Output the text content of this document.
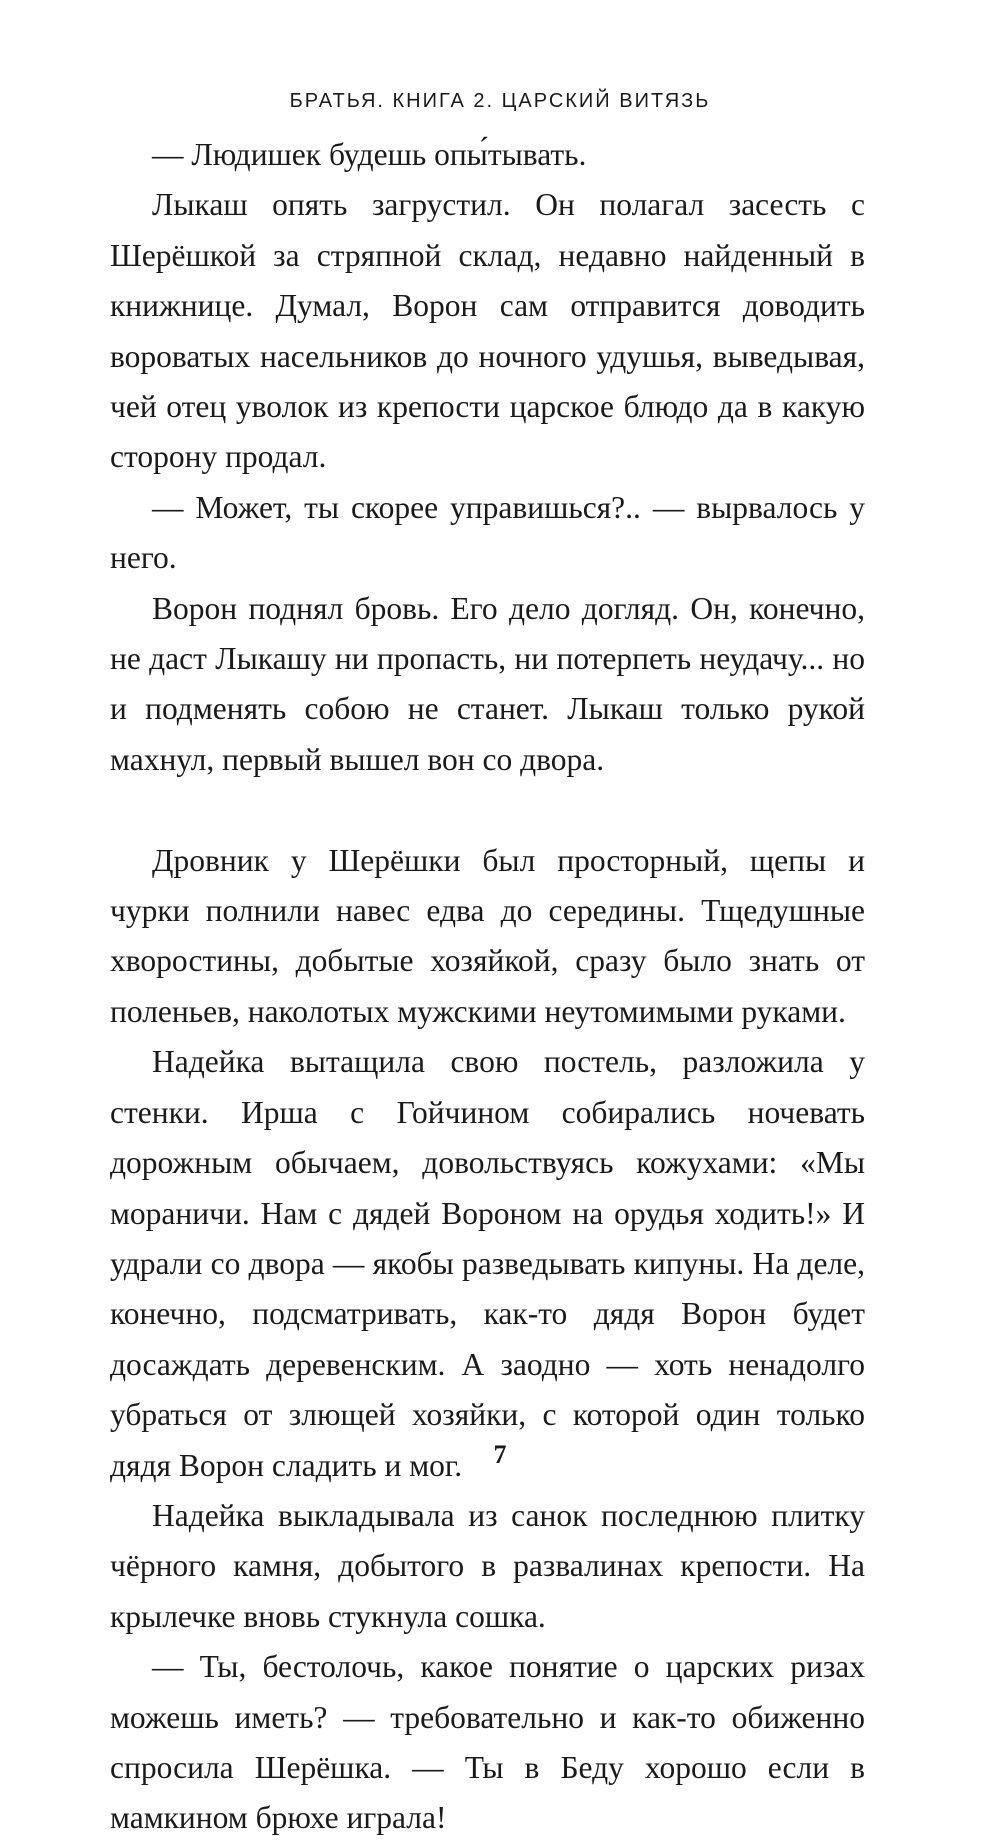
БРАТЬЯ. КНИГА 2. ЦАРСКИЙ ВИТЯЗЬ

— Людишек будешь опы́тывать.

Лыкаш опять загрустил. Он полагал засесть с Шерёшкой за стряпной склад, недавно найденный в книжнице. Думал, Ворон сам отправится доводить вороватых насельников до ночного удушья, выведывая, чей отец уволок из крепости царское блюдо да в какую сторону продал.

— Может, ты скорее управишься?.. — вырвалось у него.

Ворон поднял бровь. Его дело догляд. Он, конечно, не даст Лыкашу ни пропасть, ни потерпеть неудачу... но и подменять собою не станет. Лыкаш только рукой махнул, первый вышел вон со двора.

Дровник у Шерёшки был просторный, щепы и чурки полнили навес едва до середины. Тщедушные хворостины, добытые хозяйкой, сразу было знать от поленьев, наколотых мужскими неутомимыми руками.

Надейка вытащила свою постель, разложила у стенки. Ирша с Гойчином собирались ночевать дорожным обычаем, довольствуясь кожухами: «Мы мораничи. Нам с дядей Вороном на орудья ходить!» И удрали со двора — якобы разведывать кипуны. На деле, конечно, подсматривать, как-то дядя Ворон будет досаждать деревенским. А заодно — хоть ненадолго убраться от злющей хозяйки, с которой один только дядя Ворон сладить и мог.

Надейка выкладывала из санок последнюю плитку чёрного камня, добытого в развалинах крепости. На крылечке вновь стукнула сошка.

— Ты, бестолочь, какое понятие о царских ризах можешь иметь? — требовательно и как-то обиженно спросила Шерёшка. — Ты в Беду хорошо если в мамкином брюхе играла!

7
